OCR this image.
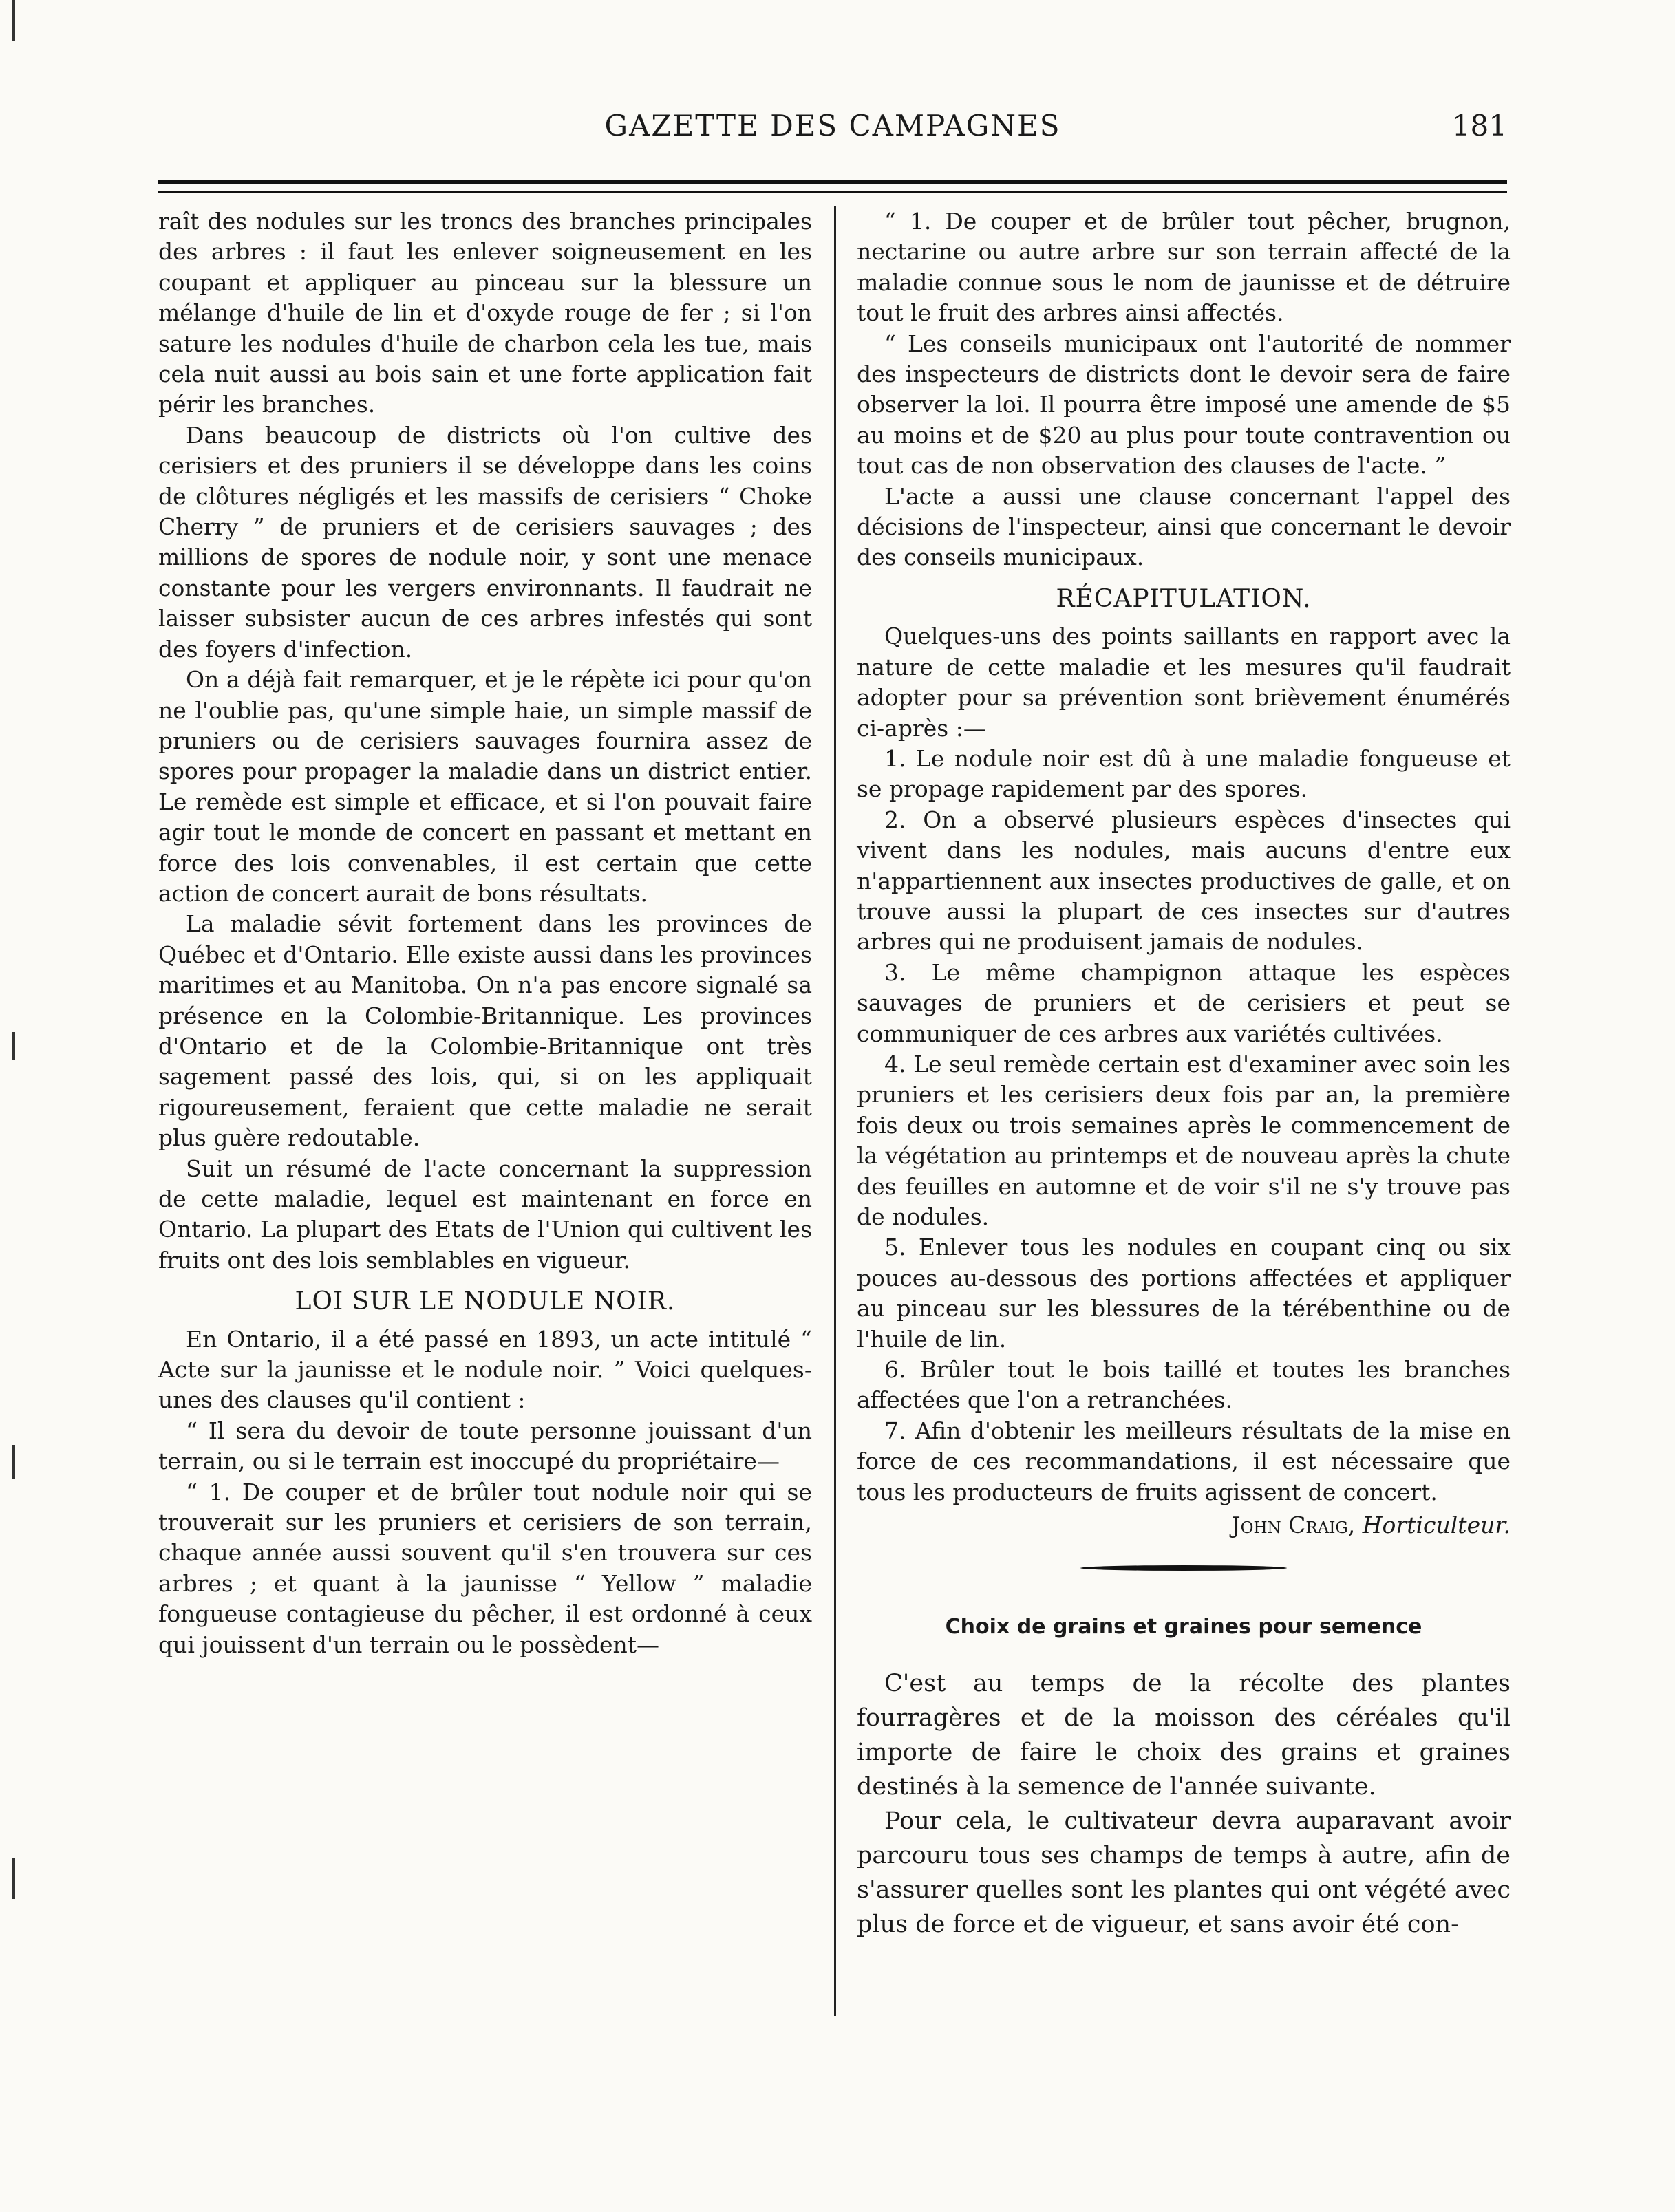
GAZETTE DES CAMPAGNES	181

raît des nodules sur les troncs des branches principales des arbres : il faut les enlever soigneusement en les coupant et appliquer au pinceau sur la blessure un mélange d'huile de lin et d'oxyde rouge de fer ; si l'on sature les nodules d'huile de charbon cela les tue, mais cela nuit aussi au bois sain et une forte application fait périr les branches.

Dans beaucoup de districts où l'on cultive des cerisiers et des pruniers il se développe dans les coins de clôtures négligés et les massifs de cerisiers “ Choke Cherry ” de pruniers et de cerisiers sauvages ; des millions de spores de nodule noir, y sont une menace constante pour les vergers environnants. Il faudrait ne laisser subsister aucun de ces arbres infestés qui sont des foyers d'infection.

On a déjà fait remarquer, et je le répète ici pour qu'on ne l'oublie pas, qu'une simple haie, un simple massif de pruniers ou de cerisiers sauvages fournira assez de spores pour propager la maladie dans un district entier. Le remède est simple et efficace, et si l'on pouvait faire agir tout le monde de concert en passant et mettant en force des lois convenables, il est certain que cette action de concert aurait de bons résultats.

La maladie sévit fortement dans les provinces de Québec et d'Ontario. Elle existe aussi dans les provinces maritimes et au Manitoba. On n'a pas encore signalé sa présence en la Colombie-Britannique. Les provinces d'Ontario et de la Colombie-Britannique ont très sagement passé des lois, qui, si on les appliquait rigoureusement, feraient que cette maladie ne serait plus guère redoutable.

Suit un résumé de l'acte concernant la suppression de cette maladie, lequel est maintenant en force en Ontario. La plupart des Etats de l'Union qui cultivent les fruits ont des lois semblables en vigueur.

LOI SUR LE NODULE NOIR.

En Ontario, il a été passé en 1893, un acte intitulé “ Acte sur la jaunisse et le nodule noir. ” Voici quelques-unes des clauses qu'il contient :

“ Il sera du devoir de toute personne jouissant d'un terrain, ou si le terrain est inoccupé du propriétaire—

“ 1. De couper et de brûler tout nodule noir qui se trouverait sur les pruniers et cerisiers de son terrain, chaque année aussi souvent qu'il s'en trouvera sur ces arbres ; et quant à la jaunisse “ Yellow ” maladie fongueuse contagieuse du pêcher, il est ordonné à ceux qui jouissent d'un terrain ou le possèdent—

“ 1. De couper et de brûler tout pêcher, brugnon, nectarine ou autre arbre sur son terrain affecté de la maladie connue sous le nom de jaunisse et de détruire tout le fruit des arbres ainsi affectés.

“ Les conseils municipaux ont l'autorité de nommer des inspecteurs de districts dont le devoir sera de faire observer la loi. Il pourra être imposé une amende de $5 au moins et de $20 au plus pour toute contravention ou tout cas de non observation des clauses de l'acte. ”

L'acte a aussi une clause concernant l'appel des décisions de l'inspecteur, ainsi que concernant le devoir des conseils municipaux.

RÉCAPITULATION.

Quelques-uns des points saillants en rapport avec la nature de cette maladie et les mesures qu'il faudrait adopter pour sa prévention sont brièvement énumérés ci-après :—

1. Le nodule noir est dû à une maladie fongueuse et se propage rapidement par des spores.

2. On a observé plusieurs espèces d'insectes qui vivent dans les nodules, mais aucuns d'entre eux n'appartiennent aux insectes productives de galle, et on trouve aussi la plupart de ces insectes sur d'autres arbres qui ne produisent jamais de nodules.

3. Le même champignon attaque les espèces sauvages de pruniers et de cerisiers et peut se communiquer de ces arbres aux variétés cultivées.

4. Le seul remède certain est d'examiner avec soin les pruniers et les cerisiers deux fois par an, la première fois deux ou trois semaines après le commencement de la végétation au printemps et de nouveau après la chute des feuilles en automne et de voir s'il ne s'y trouve pas de nodules.

5. Enlever tous les nodules en coupant cinq ou six pouces au-dessous des portions affectées et appliquer au pinceau sur les blessures de la térébenthine ou de l'huile de lin.

6. Brûler tout le bois taillé et toutes les branches affectées que l'on a retranchées.

7. Afin d'obtenir les meilleurs résultats de la mise en force de ces recommandations, il est nécessaire que tous les producteurs de fruits agissent de concert.

John Craig, Horticulteur.
Choix de grains et graines pour semence

C'est au temps de la récolte des plantes fourragères et de la moisson des céréales qu'il importe de faire le choix des grains et graines destinés à la semence de l'année suivante.

Pour cela, le cultivateur devra auparavant avoir parcouru tous ses champs de temps à autre, afin de s'assurer quelles sont les plantes qui ont végété avec plus de force et de vigueur, et sans avoir été con-
